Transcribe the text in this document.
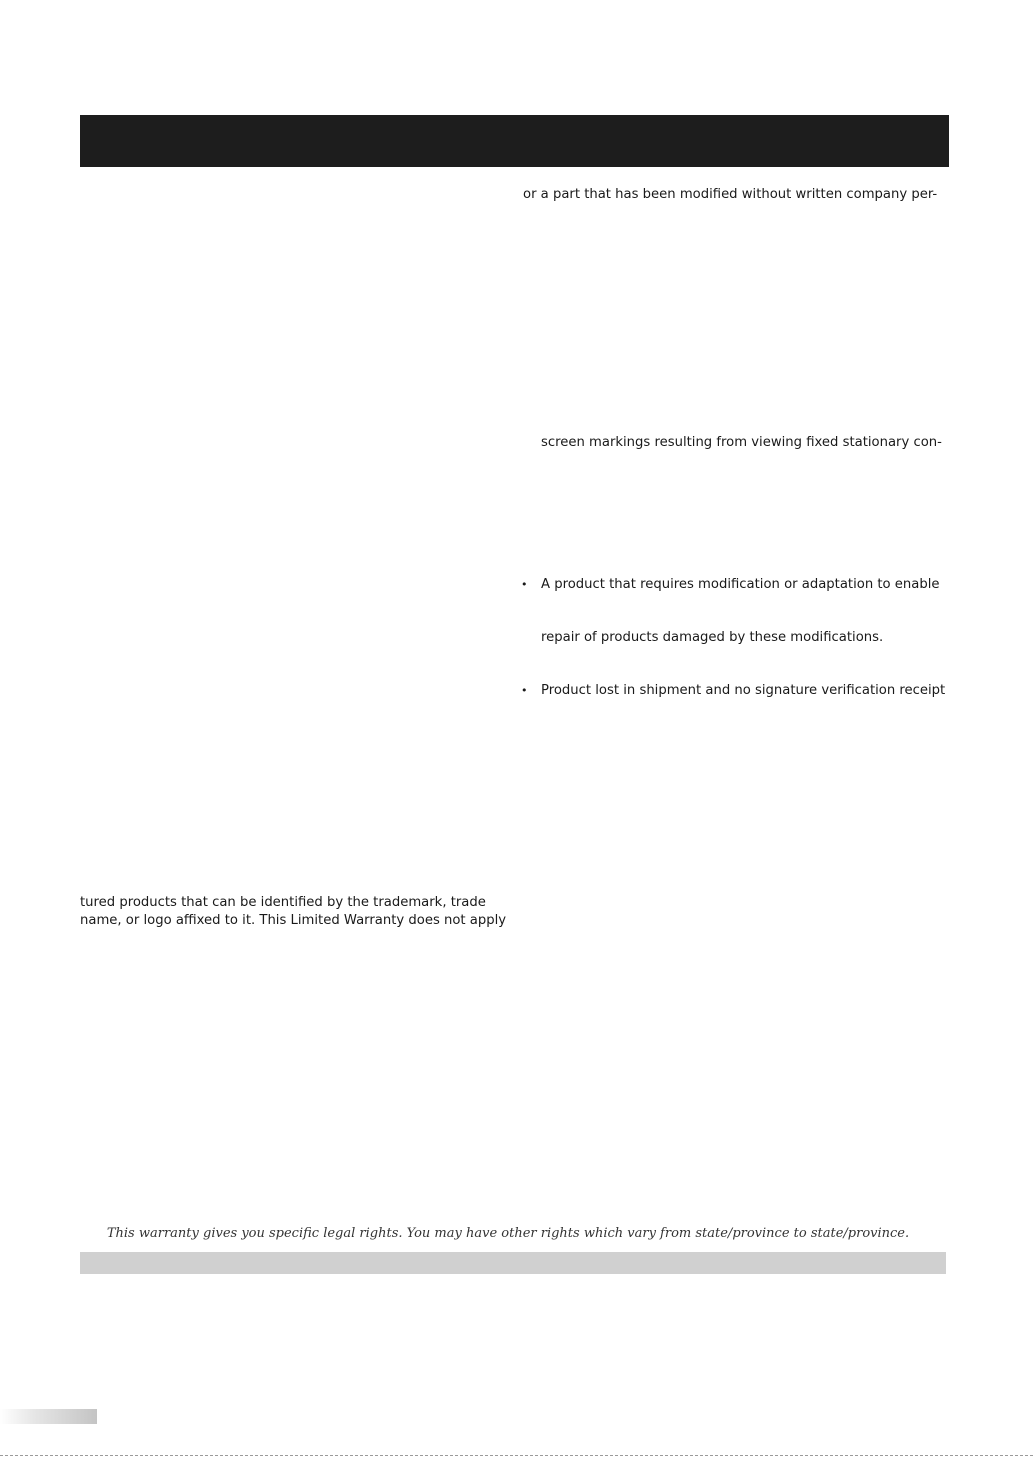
or a part that has been modified without written company per-
screen markings resulting from viewing fixed stationary con-
• A product that requires modification or adaptation to enable
repair of products damaged by these modifications.
• Product lost in shipment and no signature verification receipt
tured products that can be identified by the trademark, trade
name, or logo affixed to it. This Limited Warranty does not apply
This warranty gives you specific legal rights. You may have other rights which vary from state/province to state/province.
